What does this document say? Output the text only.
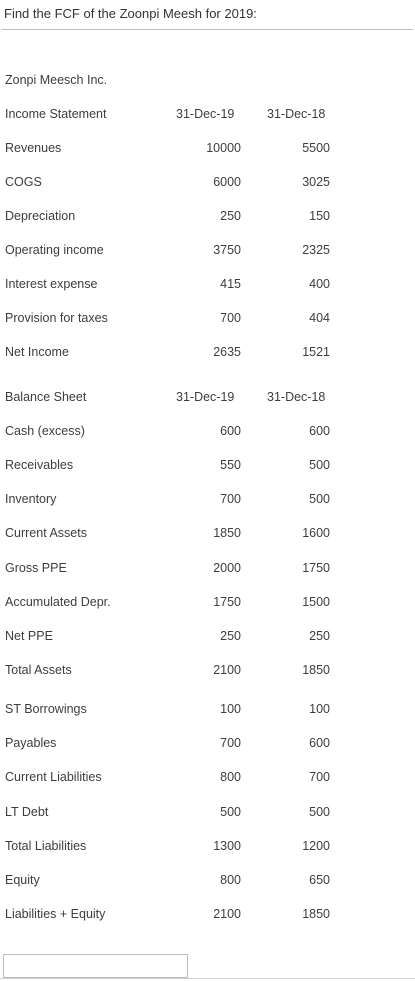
Find the FCF of the Zoonpi Meesh for 2019:
Zonpi Meesch Inc.
Income Statement	31-Dec-19	31-Dec-18
Revenues	10000	5500
COGS	6000	3025
Depreciation	250	150
Operating income	3750	2325
Interest expense	415	400
Provision for taxes	700	404
Net Income	2635	1521
Balance Sheet	31-Dec-19	31-Dec-18
Cash (excess)	600	600
Receivables	550	500
Inventory	700	500
Current Assets	1850	1600
Gross PPE	2000	1750
Accumulated Depr.	1750	1500
Net PPE	250	250
Total Assets	2100	1850
ST Borrowings	100	100
Payables	700	600
Current Liabilities	800	700
LT Debt	500	500
Total Liabilities	1300	1200
Equity	800	650
Liabilities + Equity	2100	1850
